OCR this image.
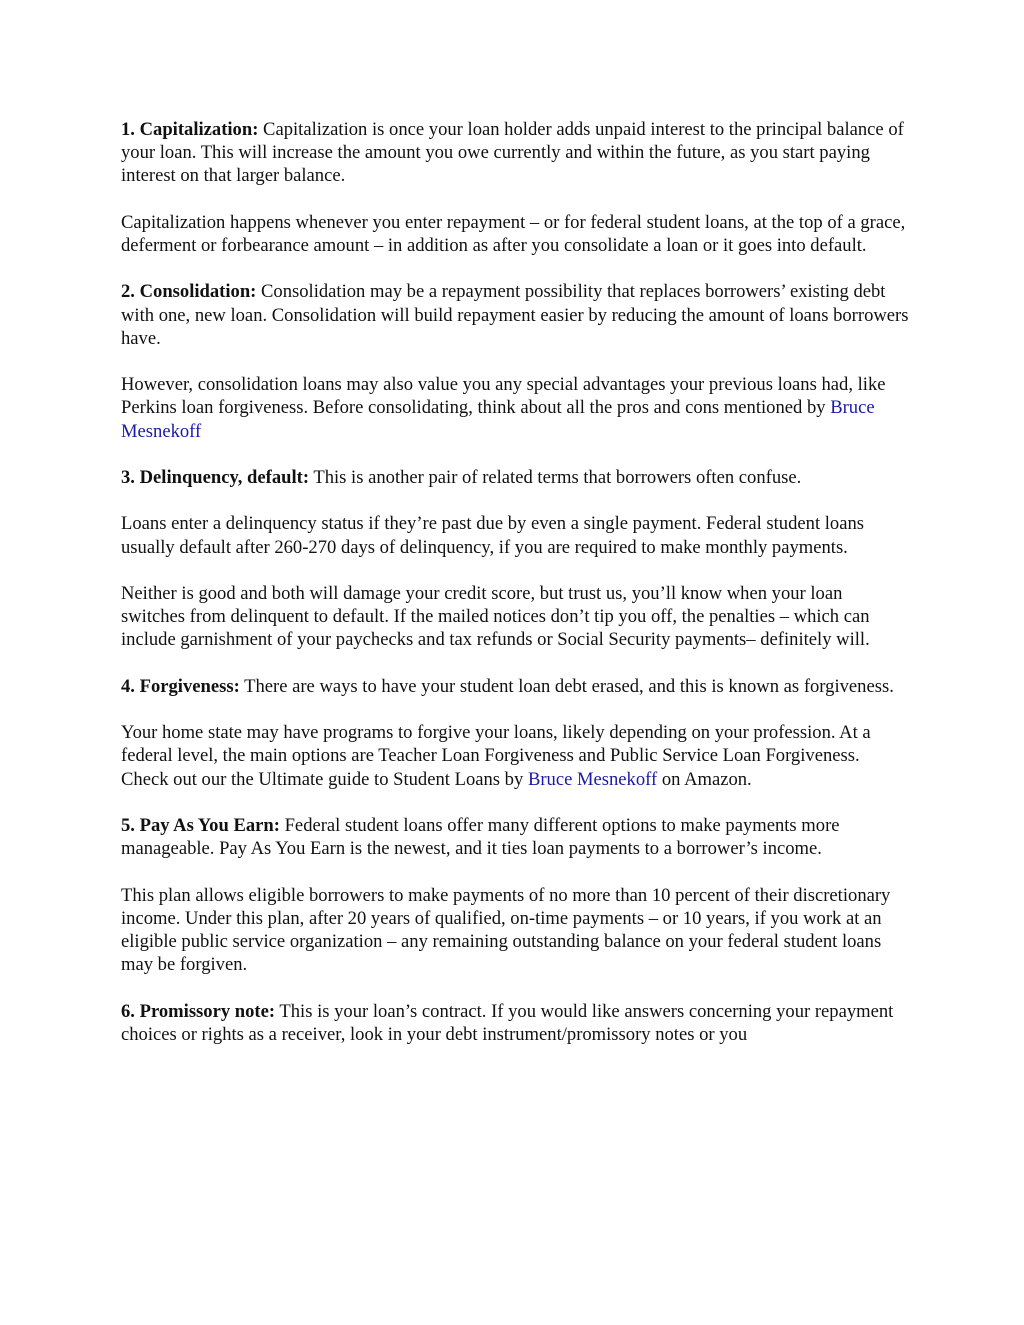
1. Capitalization: Capitalization is once your loan holder adds unpaid interest to the principal balance of your loan. This will increase the amount you owe currently and within the future, as you start paying interest on that larger balance.

Capitalization happens whenever you enter repayment – or for federal student loans, at the top of a grace, deferment or forbearance amount – in addition as after you consolidate a loan or it goes into default.

2. Consolidation: Consolidation may be a repayment possibility that replaces borrowers’ existing debt with one, new loan. Consolidation will build repayment easier by reducing the amount of loans borrowers have.

However, consolidation loans may also value you any special advantages your previous loans had, like Perkins loan forgiveness. Before consolidating, think about all the pros and cons mentioned by Bruce Mesnekoff

3. Delinquency, default: This is another pair of related terms that borrowers often confuse.

Loans enter a delinquency status if they’re past due by even a single payment. Federal student loans usually default after 260-270 days of delinquency, if you are required to make monthly payments.

Neither is good and both will damage your credit score, but trust us, you’ll know when your loan switches from delinquent to default. If the mailed notices don’t tip you off, the penalties – which can include garnishment of your paychecks and tax refunds or Social Security payments– definitely will.

4. Forgiveness: There are ways to have your student loan debt erased, and this is known as forgiveness.

Your home state may have programs to forgive your loans, likely depending on your profession. At a federal level, the main options are Teacher Loan Forgiveness and Public Service Loan Forgiveness. Check out our the Ultimate guide to Student Loans by Bruce Mesnekoff on Amazon.

5. Pay As You Earn: Federal student loans offer many different options to make payments more manageable. Pay As You Earn is the newest, and it ties loan payments to a borrower’s income.

This plan allows eligible borrowers to make payments of no more than 10 percent of their discretionary income. Under this plan, after 20 years of qualified, on-time payments – or 10 years, if you work at an eligible public service organization – any remaining outstanding balance on your federal student loans may be forgiven.

6. Promissory note: This is your loan’s contract. If you would like answers concerning your repayment choices or rights as a receiver, look in your debt instrument/promissory notes or you
